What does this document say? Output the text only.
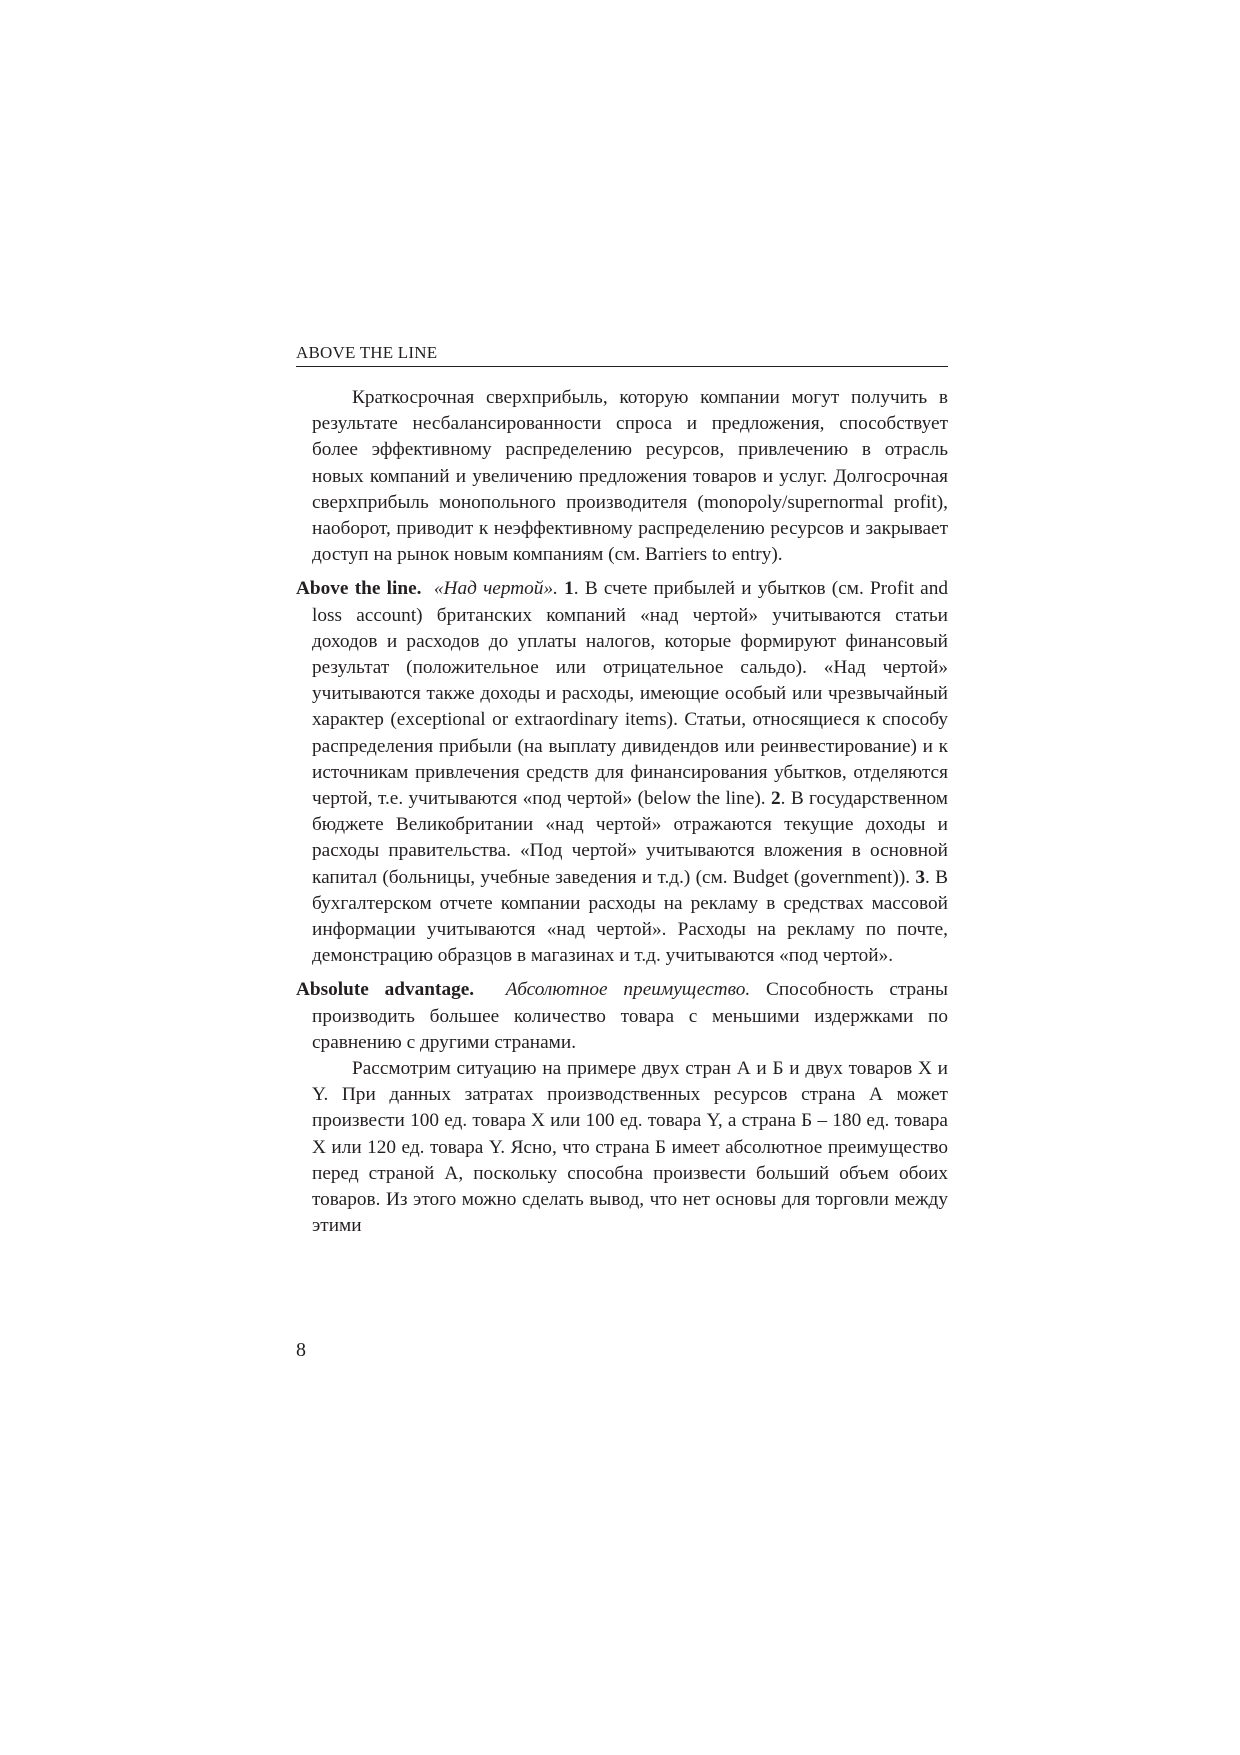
ABOVE THE LINE

Краткосрочная сверхприбыль, которую компании могут получить в результате несбалансированности спроса и предложения, способствует более эффективному распределению ресурсов, привлечению в отрасль новых компаний и увеличению предложения товаров и услуг. Долгосрочная сверхприбыль монопольного производителя (monopoly/supernormal profit), наоборот, приводит к неэффективному распределению ресурсов и закрывает доступ на рынок новым компаниям (см. Barriers to entry).

Above the line. «Над чертой». 1. В счете прибылей и убытков (см. Profit and loss account) британских компаний «над чертой» учитываются статьи доходов и расходов до уплаты налогов, которые формируют финансовый результат (положительное или отрицательное сальдо). «Над чертой» учитываются также доходы и расходы, имеющие особый или чрезвычайный характер (exceptional or extraordinary items). Статьи, относящиеся к способу распределения прибыли (на выплату дивидендов или реинвестирование) и к источникам привлечения средств для финансирования убытков, отделяются чертой, т.е. учитываются «под чертой» (below the line). 2. В государственном бюджете Великобритании «над чертой» отражаются текущие доходы и расходы правительства. «Под чертой» учитываются вложения в основной капитал (больницы, учебные заведения и т.д.) (см. Budget (government)). 3. В бухгалтерском отчете компании расходы на рекламу в средствах массовой информации учитываются «над чертой». Расходы на рекламу по почте, демонстрацию образцов в магазинах и т.д. учитываются «под чертой».

Absolute advantage. Абсолютное преимущество. Способность страны производить большее количество товара с меньшими издержками по сравнению с другими странами.

Рассмотрим ситуацию на примере двух стран А и Б и двух товаров X и Y. При данных затратах производственных ресурсов страна А может произвести 100 ед. товара X или 100 ед. товара Y, а страна Б – 180 ед. товара X или 120 ед. товара Y. Ясно, что страна Б имеет абсолютное преимущество перед страной А, поскольку способна произвести больший объем обоих товаров. Из этого можно сделать вывод, что нет основы для торговли между этими

8
